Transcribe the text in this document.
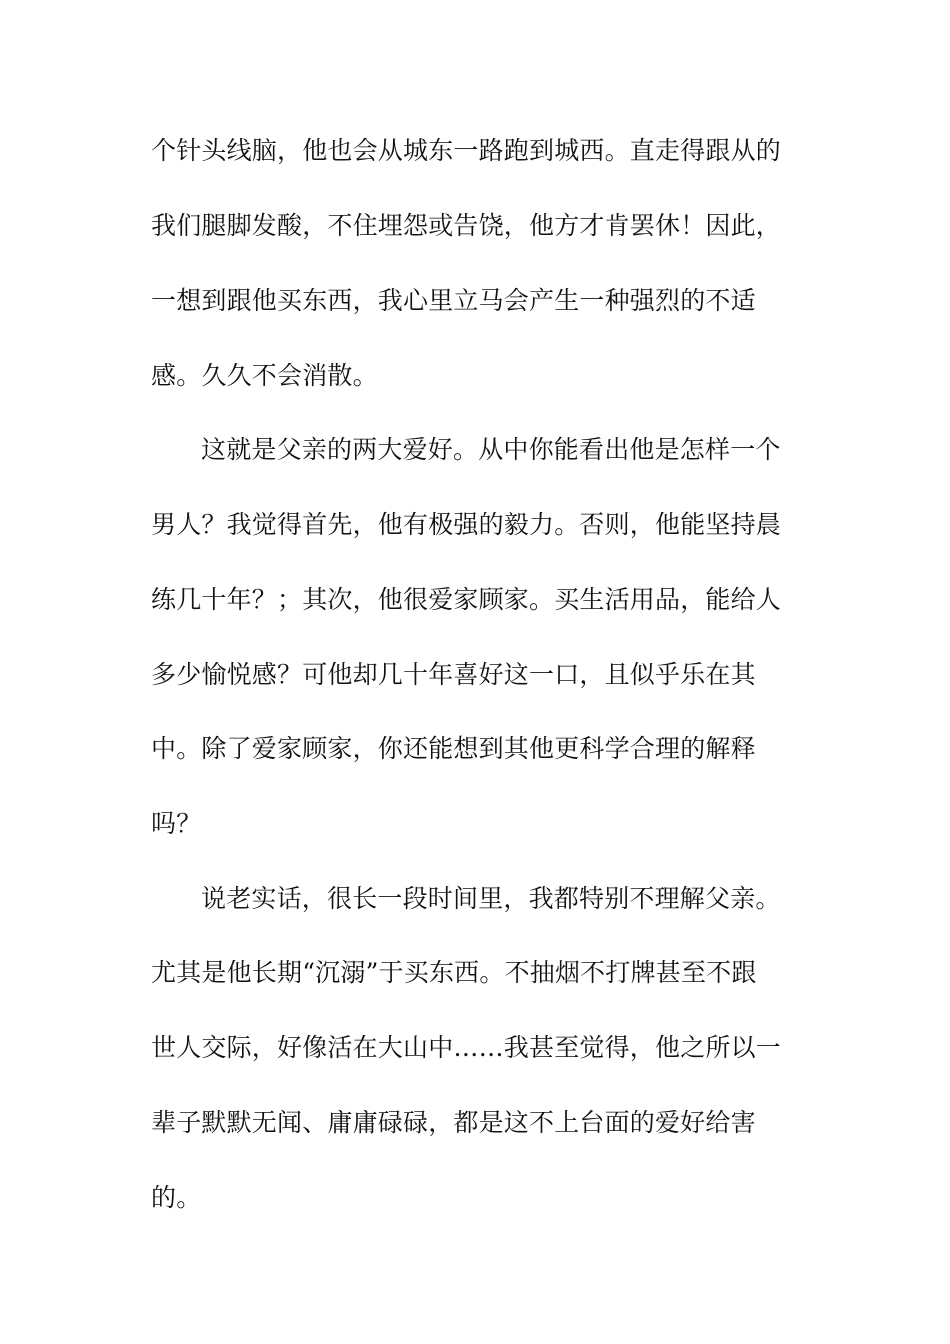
个针头线脑，他也会从城东一路跑到城西。直走得跟从的
我们腿脚发酸，不住埋怨或告饶，他方才肯罢休！因此，
一想到跟他买东西，我心里立马会产生一种强烈的不适
感。久久不会消散。
这就是父亲的两大爱好。从中你能看出他是怎样一个
男人？我觉得首先，他有极强的毅力。否则，他能坚持晨
练几十年？；其次，他很爱家顾家。买生活用品，能给人
多少愉悦感？可他却几十年喜好这一口，且似乎乐在其
中。除了爱家顾家，你还能想到其他更科学合理的解释
吗？
说老实话，很长一段时间里，我都特别不理解父亲。
尤其是他长期“沉溺”于买东西。不抽烟不打牌甚至不跟
世人交际，好像活在大山中……我甚至觉得，他之所以一
辈子默默无闻、庸庸碌碌，都是这不上台面的爱好给害
的。
